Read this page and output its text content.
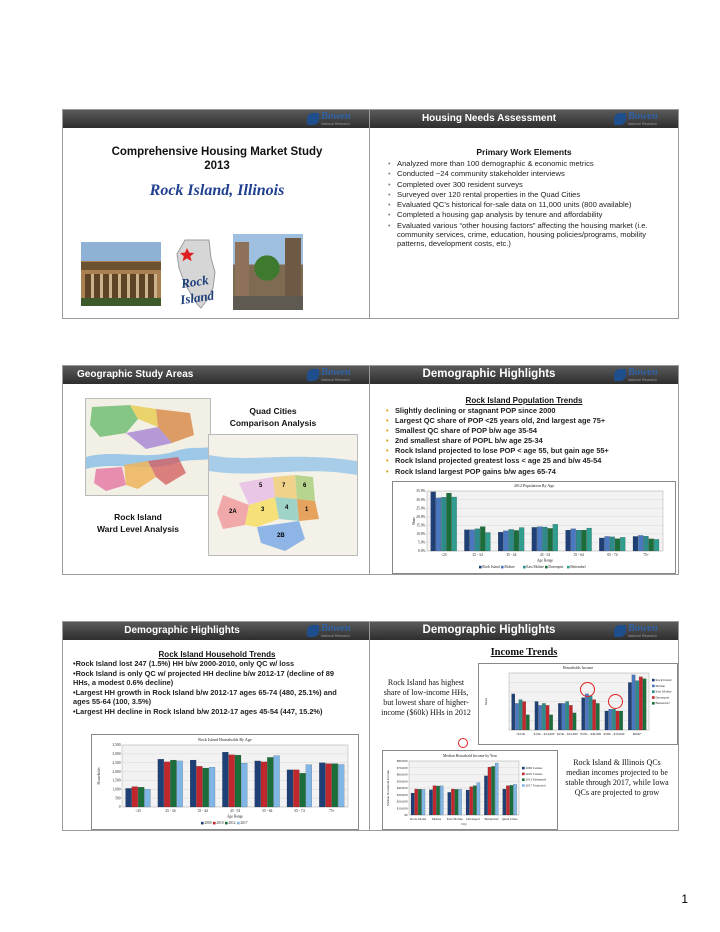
Bowen
National Research
Comprehensive Housing Market Study
2013
Rock Island, Illinois
Rock Island
Housing Needs Assessment	Bowen
National Research
Primary Work Elements
• Analyzed more than 100 demographic & economic metrics
• Conducted ~24 community stakeholder interviews
• Completed over 300 resident surveys
• Surveyed over 120 rental properties in the Quad Cities
• Evaluated QC’s historical for-sale data on 11,000 units (800 available)
• Completed a housing gap analysis by tenure and affordability
• Evaluated various “other housing factors” affecting the housing market (i.e. community services, crime, education, housing policies/programs, mobility patterns, development costs, etc.)
Geographic Study Areas	Bowen
National Research
5	7	6
2A	3	4	1
2B
Quad Cities
Comparison Analysis
Rock Island
Ward Level Analysis
Demographic Highlights	Bowen
National Research
Rock Island Population Trends
• Slightly declining or stagnant POP since 2000
• Largest QC share of POP <25 years old, 2nd largest age 75+
• Smallest QC share of POP b/w age 35-54
• 2nd smallest share of POPL b/w age 25-34
• Rock Island projected to lose POP < age 55, but gain age 55+
• Rock Island projected greatest loss < age 25 and b/w 45-54
• Rock Island largest POP gains b/w ages 65-74
2012 Population By Age
0.0%
5.0%
10.0%
15.0%
20.0%
25.0%
30.0%
35.0%
<25	25 - 34	35 - 44	45 - 54	55 - 64	65 - 74	75+
Age Range
Share
Rock Island Moline	East Moline Davenport Bettendorf
Demographic Highlights	Bowen
National Research
Rock Island Household Trends
•Rock Island lost 247 (1.5%) HH b/w 2000-2010, only QC w/ loss
•Rock Island is only QC w/ projected HH decline b/w 2012-17 (decline of 89 HHs, a modest 0.6% decline)
•Largest HH growth in Rock Island b/w 2012-17 ages 65-74 (480, 25.1%) and ages 55-64 (100, 3.5%)
•Largest HH decline in Rock Island b/w 2012-17 ages 45-54 (447, 15.2%)
Rock Island Households By Age
0
500
1,000
1,500
2,000
2,500
3,000
3,500
<25	25 - 34	35 - 44	45 - 54	55 - 64	65 - 74	75+
Age Range
Households
2000 2010 2012 2017
Demographic Highlights	Bowen
National Research
Income Trends
Rock Island has highest share of low-income HHs, but lowest share of higher-income ($60k) HHs in 2012
Households Income
<$15K	$15K - $24,999 $25K - $34,999 $35K - $49,999 $50K - $59,999	$60K+
Share
Rock Island
Moline
East Moline
Davenport
Bettendorf
Median Household Income by Year
$0
$10,000
$20,000
$30,000
$40,000
$50,000
$60,000
$70,000
$80,000
Rock Island Moline East Moline Davenport Bettendorf Quad Cities
City
Median Household Income
2000 Census
2010 Census
2012 Estimated
2017 Projected
Rock Island & Illinois QCs median incomes projected to be stable through 2017, while Iowa QCs are projected to grow
1
